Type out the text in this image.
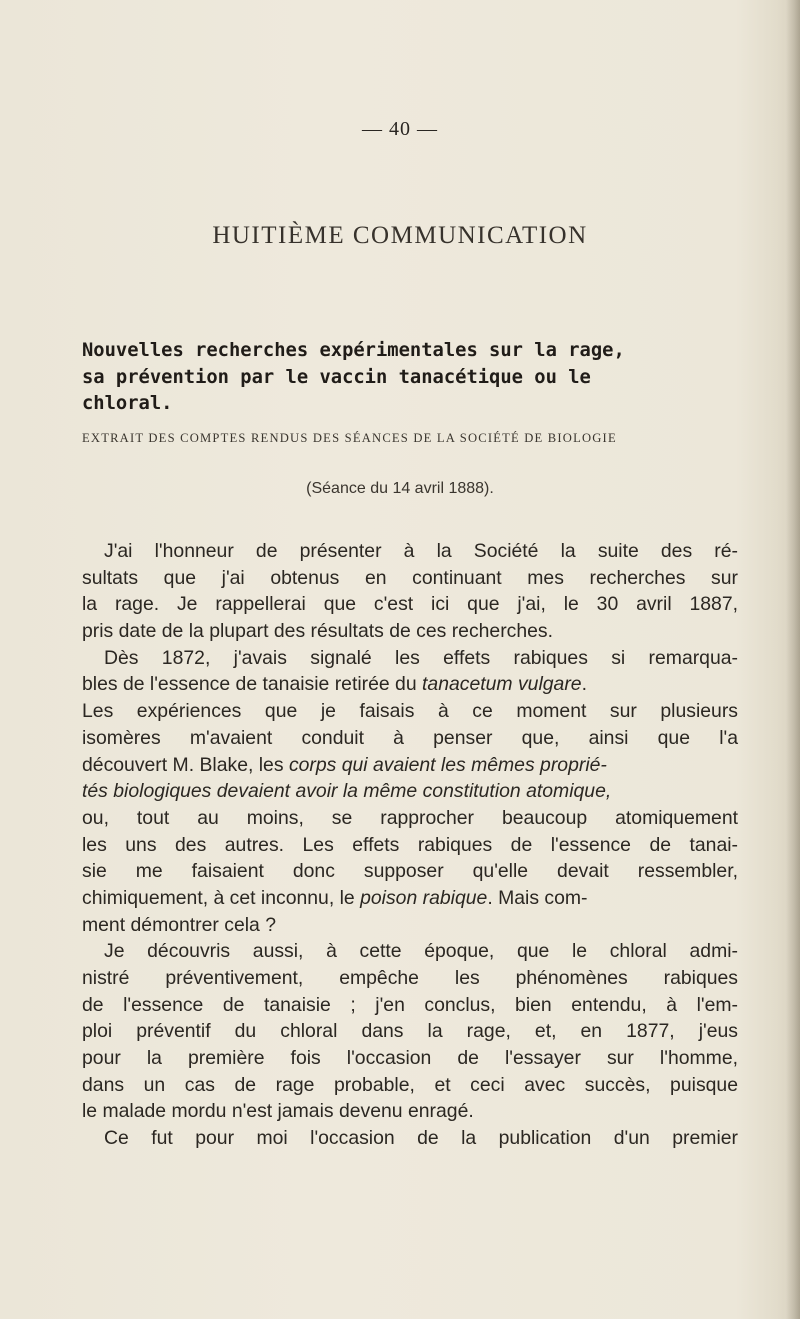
— 40 —
HUITIÈME COMMUNICATION
Nouvelles recherches expérimentales sur la rage,
sa prévention par le vaccin tanacétique ou le
chloral.
EXTRAIT DES COMPTES RENDUS DES SÉANCES DE LA SOCIÉTÉ DE BIOLOGIE
(Séance du 14 avril 1888).
J'ai l'honneur de présenter à la Société la suite des ré-
sultats que j'ai obtenus en continuant mes recherches sur
la rage. Je rappellerai que c'est ici que j'ai, le 30 avril 1887,
pris date de la plupart des résultats de ces recherches.
Dès 1872, j'avais signalé les effets rabiques si remarqua-
bles de l'essence de tanaisie retirée du tanacetum vulgare.
Les expériences que je faisais à ce moment sur plusieurs
isomères m'avaient conduit à penser que, ainsi que l'a
découvert M. Blake, les corps qui avaient les mêmes proprié-
tés biologiques devaient avoir la même constitution atomique,
ou, tout au moins, se rapprocher beaucoup atomiquement
les uns des autres. Les effets rabiques de l'essence de tanai-
sie me faisaient donc supposer qu'elle devait ressembler,
chimiquement, à cet inconnu, le poison rabique. Mais com-
ment démontrer cela ?
Je découvris aussi, à cette époque, que le chloral admi-
nistré préventivement, empêche les phénomènes rabiques
de l'essence de tanaisie ; j'en conclus, bien entendu, à l'em-
ploi préventif du chloral dans la rage, et, en 1877, j'eus
pour la première fois l'occasion de l'essayer sur l'homme,
dans un cas de rage probable, et ceci avec succès, puisque
le malade mordu n'est jamais devenu enragé.
Ce fut pour moi l'occasion de la publication d'un premier
